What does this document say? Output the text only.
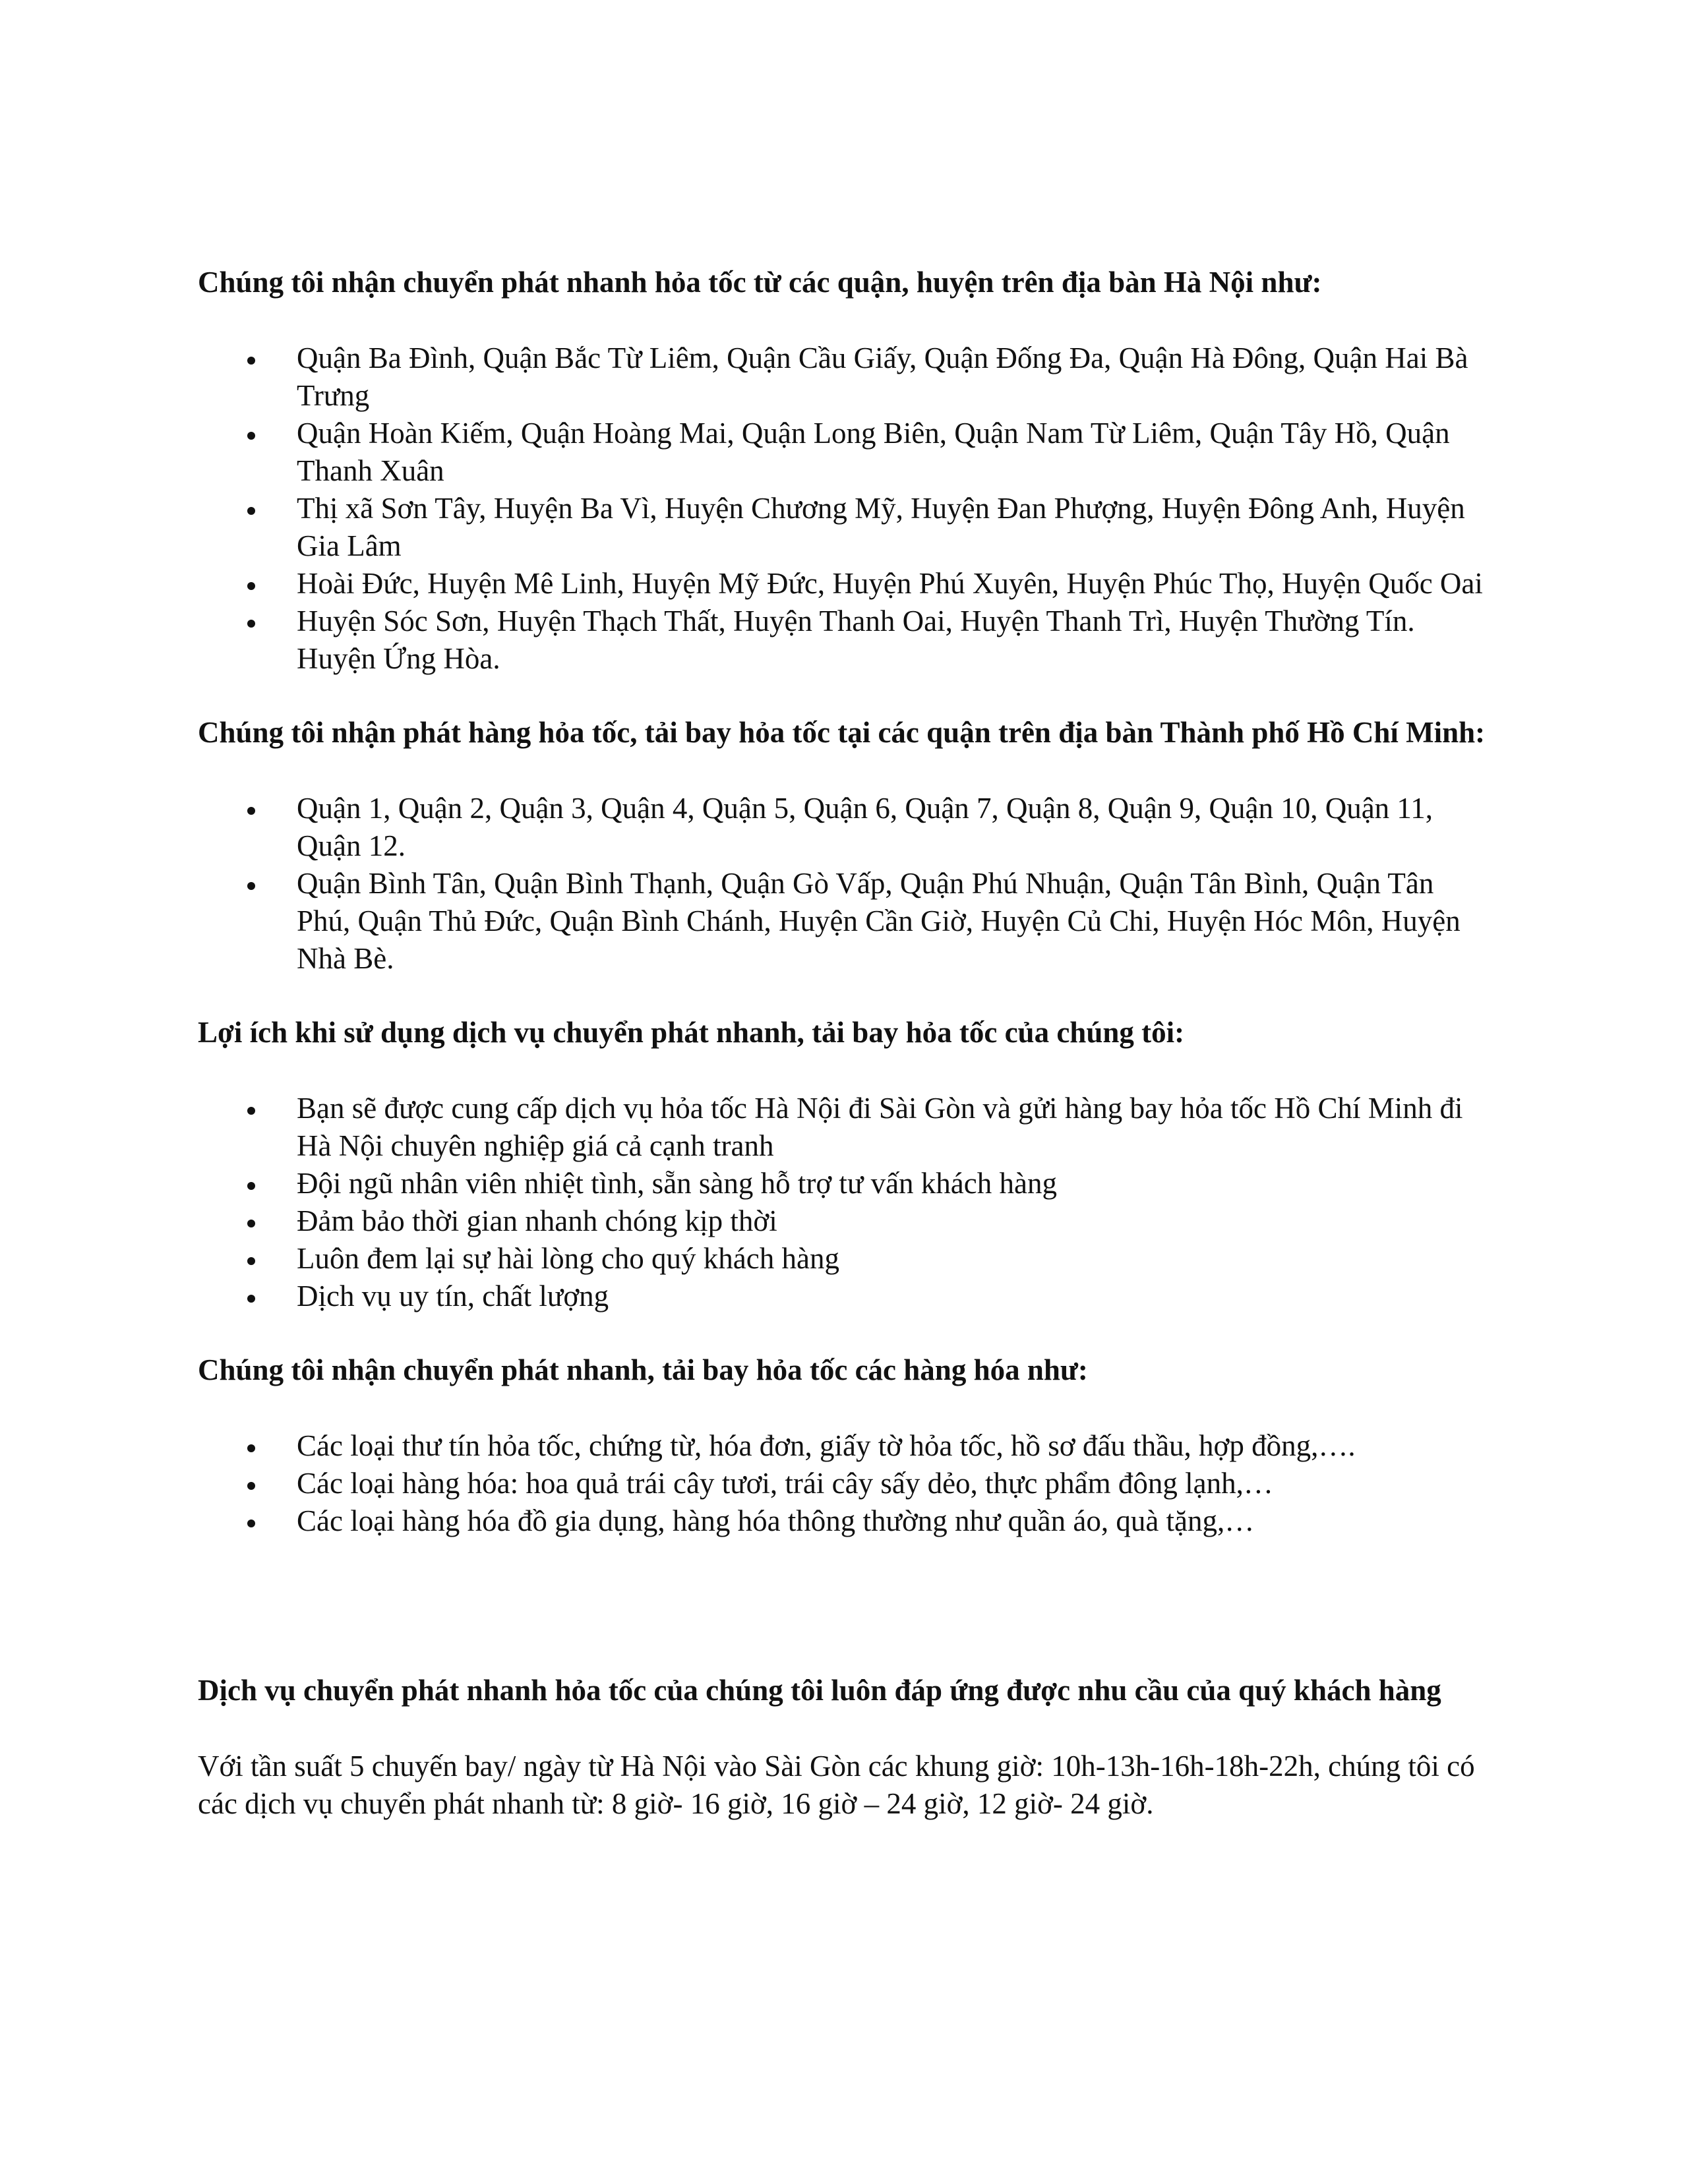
Chúng tôi nhận chuyển phát nhanh hỏa tốc từ các quận, huyện trên địa bàn Hà Nội như:

Quận Ba Đình, Quận Bắc Từ Liêm, Quận Cầu Giấy, Quận Đống Đa, Quận Hà Đông, Quận Hai Bà Trưng
Quận Hoàn Kiếm, Quận Hoàng Mai, Quận Long Biên, Quận Nam Từ Liêm, Quận Tây Hồ, Quận Thanh Xuân
Thị xã Sơn Tây, Huyện Ba Vì, Huyện Chương Mỹ, Huyện Đan Phượng, Huyện Đông Anh, Huyện Gia Lâm
Hoài Đức, Huyện Mê Linh, Huyện Mỹ Đức, Huyện Phú Xuyên, Huyện Phúc Thọ, Huyện Quốc Oai
Huyện Sóc Sơn, Huyện Thạch Thất, Huyện Thanh Oai, Huyện Thanh Trì, Huyện Thường Tín. Huyện Ứng Hòa.

Chúng tôi nhận phát hàng hỏa tốc, tải bay hỏa tốc tại các quận trên địa bàn Thành phố Hồ Chí Minh:

Quận 1, Quận 2, Quận 3, Quận 4, Quận 5, Quận 6, Quận 7, Quận 8, Quận 9, Quận 10, Quận 11, Quận 12.
Quận Bình Tân, Quận Bình Thạnh, Quận Gò Vấp, Quận Phú Nhuận, Quận Tân Bình, Quận Tân Phú, Quận Thủ Đức, Quận Bình Chánh, Huyện Cần Giờ, Huyện Củ Chi, Huyện Hóc Môn, Huyện Nhà Bè.

Lợi ích khi sử dụng dịch vụ chuyển phát nhanh, tải bay hỏa tốc của chúng tôi:

Bạn sẽ được cung cấp dịch vụ hỏa tốc Hà Nội đi Sài Gòn và gửi hàng bay hỏa tốc Hồ Chí Minh đi Hà Nội chuyên nghiệp giá cả cạnh tranh
Đội ngũ nhân viên nhiệt tình, sẵn sàng hỗ trợ tư vấn khách hàng
Đảm bảo thời gian nhanh chóng kịp thời
Luôn đem lại sự hài lòng cho quý khách hàng
Dịch vụ uy tín, chất lượng

Chúng tôi nhận chuyển phát nhanh, tải bay hỏa tốc các hàng hóa như:

Các loại thư tín hỏa tốc, chứng từ, hóa đơn, giấy tờ hỏa tốc, hồ sơ đấu thầu, hợp đồng,….
Các loại hàng hóa: hoa quả trái cây tươi, trái cây sấy dẻo, thực phẩm đông lạnh,…
Các loại hàng hóa đồ gia dụng, hàng hóa thông thường như quần áo, quà tặng,…

Dịch vụ chuyển phát nhanh hỏa tốc của chúng tôi luôn đáp ứng được nhu cầu của quý khách hàng

Với tần suất 5 chuyến bay/ ngày từ Hà Nội vào Sài Gòn các khung giờ: 10h-13h-16h-18h-22h, chúng tôi có các dịch vụ chuyển phát nhanh từ: 8 giờ- 16 giờ, 16 giờ – 24 giờ, 12 giờ- 24 giờ.
